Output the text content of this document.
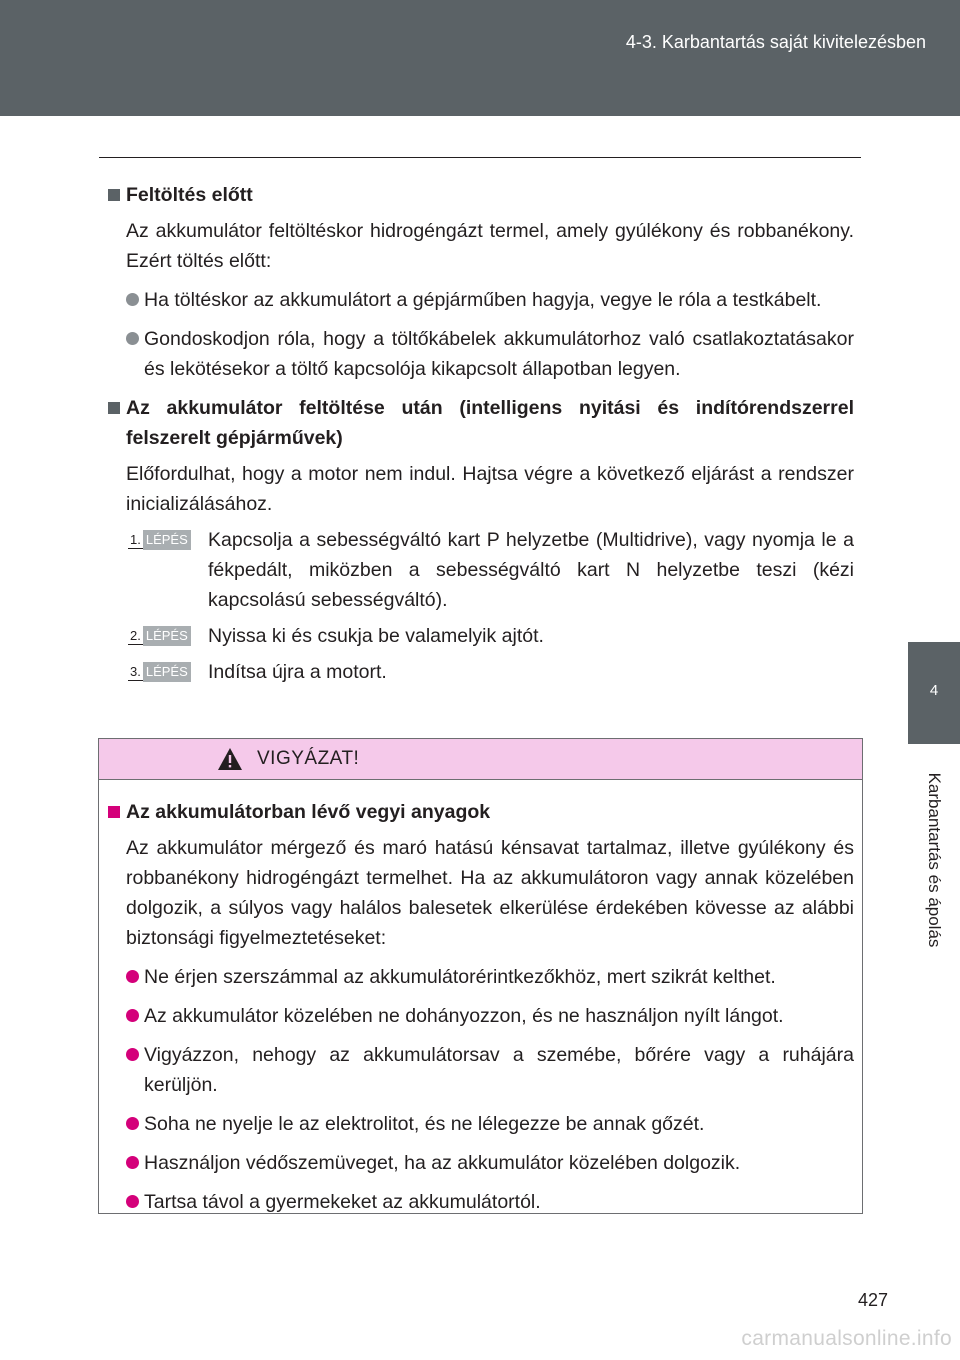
4-3. Karbantartás saját kivitelezésben
4
Karbantartás és ápolás
Feltöltés előtt
Az akkumulátor feltöltéskor hidrogéngázt termel, amely gyúlékony és robbanékony. Ezért töltés előtt:
Ha töltéskor az akkumulátort a gépjárműben hagyja, vegye le róla a testkábelt.
Gondoskodjon róla, hogy a töltőkábelek akkumulátorhoz való csatlakoztatásakor és lekötésekor a töltő kapcsolója kikapcsolt állapotban legyen.
Az akkumulátor feltöltése után (intelligens nyitási és indítórendszerrel felszerelt gépjárművek)
Előfordulhat, hogy a motor nem indul. Hajtsa végre a következő eljárást a rendszer inicializálásához.
1. LÉPÉS	Kapcsolja a sebességváltó kart P helyzetbe (Multidrive), vagy nyomja le a fékpedált, miközben a sebességváltó kart N helyzetbe teszi (kézi kapcsolású sebességváltó).
2. LÉPÉS	Nyissa ki és csukja be valamelyik ajtót.
3. LÉPÉS	Indítsa újra a motort.
VIGYÁZAT!
Az akkumulátorban lévő vegyi anyagok
Az akkumulátor mérgező és maró hatású kénsavat tartalmaz, illetve gyúlékony és robbanékony hidrogéngázt termelhet. Ha az akkumulátoron vagy annak közelében dolgozik, a súlyos vagy halálos balesetek elkerülése érdekében kövesse az alábbi biztonsági figyelmeztetéseket:
Ne érjen szerszámmal az akkumulátorérintkezőkhöz, mert szikrát kelthet.
Az akkumulátor közelében ne dohányozzon, és ne használjon nyílt lángot.
Vigyázzon, nehogy az akkumulátorsav a szemébe, bőrére vagy a ruhájára kerüljön.
Soha ne nyelje le az elektrolitot, és ne lélegezze be annak gőzét.
Használjon védőszemüveget, ha az akkumulátor közelében dolgozik.
Tartsa távol a gyermekeket az akkumulátortól.
427
carmanualsonline.info
